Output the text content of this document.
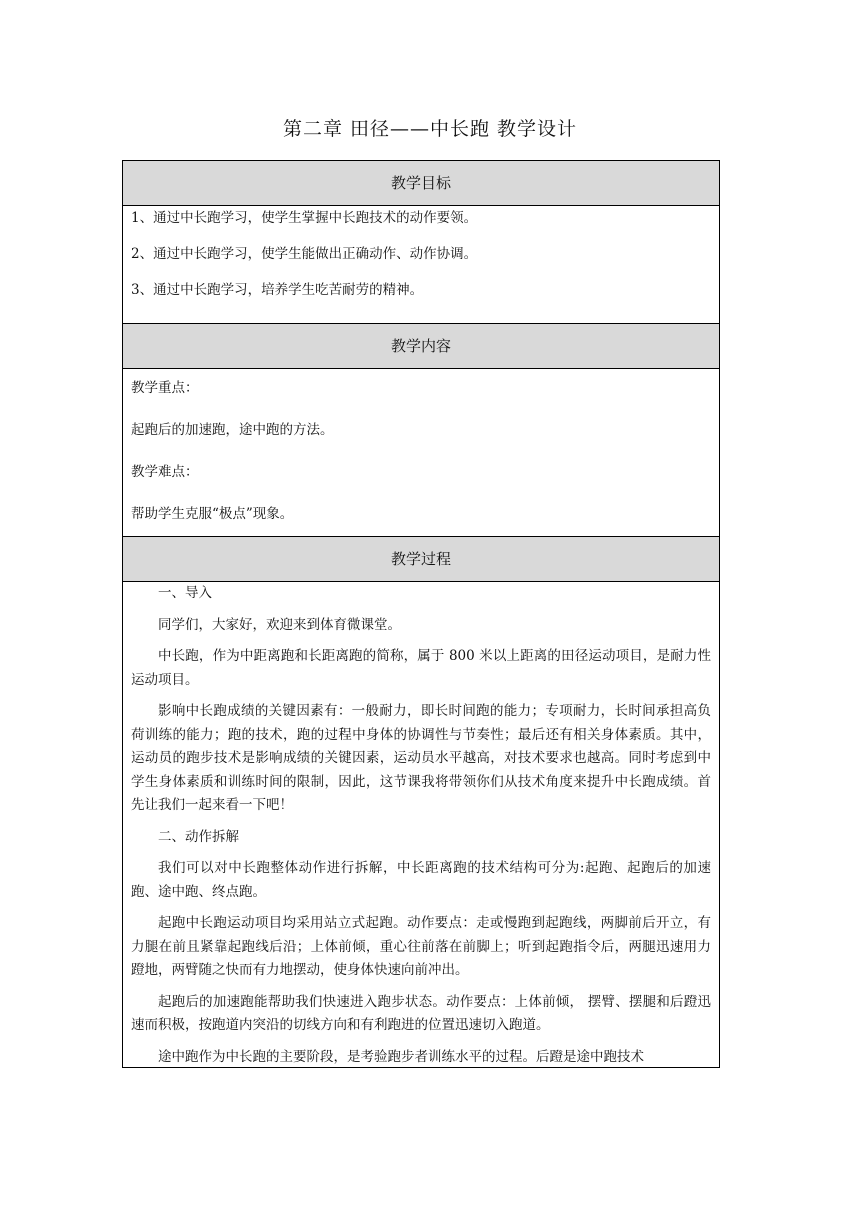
第二章 田径——中长跑 教学设计
教学目标

1、通过中长跑学习，使学生掌握中长跑技术的动作要领。

2、通过中长跑学习，使学生能做出正确动作、动作协调。

3、通过中长跑学习，培养学生吃苦耐劳的精神。

教学内容

教学重点：

起跑后的加速跑，途中跑的方法。

教学难点：

帮助学生克服“极点”现象。

教学过程

一、导入

同学们，大家好，欢迎来到体育微课堂。

中长跑，作为中距离跑和长距离跑的简称，属于 800 米以上距离的田径运动项目，是耐力性运动项目。

影响中长跑成绩的关键因素有：一般耐力，即长时间跑的能力；专项耐力，长时间承担高负荷训练的能力；跑的技术，跑的过程中身体的协调性与节奏性；最后还有相关身体素质。其中，运动员的跑步技术是影响成绩的关键因素，运动员水平越高，对技术要求也越高。同时考虑到中学生身体素质和训练时间的限制，因此，这节课我将带领你们从技术角度来提升中长跑成绩。首先让我们一起来看一下吧！

二、动作拆解

我们可以对中长跑整体动作进行拆解，中长距离跑的技术结构可分为:起跑、起跑后的加速跑、途中跑、终点跑。

起跑中长跑运动项目均采用站立式起跑。动作要点：走或慢跑到起跑线，两脚前后开立，有力腿在前且紧靠起跑线后沿；上体前倾，重心往前落在前脚上；听到起跑指令后，两腿迅速用力蹬地，两臂随之快而有力地摆动，使身体快速向前冲出。

起跑后的加速跑能帮助我们快速进入跑步状态。动作要点：上体前倾， 摆臂、摆腿和后蹬迅速而积极，按跑道内突沿的切线方向和有利跑进的位置迅速切入跑道。

途中跑作为中长跑的主要阶段，是考验跑步者训练水平的过程。后蹬是途中跑技术
